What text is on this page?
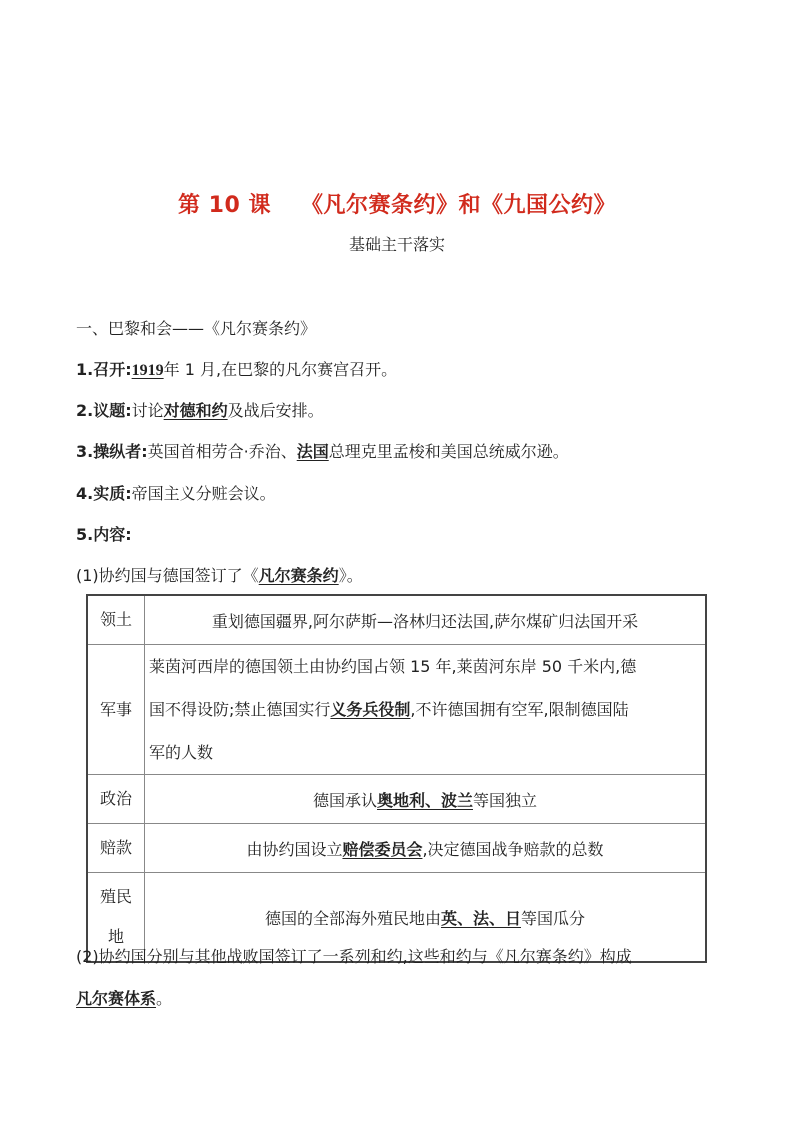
第 10 课 《凡尔赛条约》和《九国公约》
基础主干落实
一、巴黎和会——《凡尔赛条约》
1.召开:1919年 1 月,在巴黎的凡尔赛宫召开。
2.议题:讨论对德和约及战后安排。
3.操纵者:英国首相劳合·乔治、法国总理克里孟梭和美国总统威尔逊。
4.实质:帝国主义分赃会议。
5.内容:
(1)协约国与德国签订了《凡尔赛条约》。
领土	重划德国疆界,阿尔萨斯—洛林归还法国,萨尔煤矿归法国开采
军事	莱茵河西岸的德国领土由协约国占领 15 年,莱茵河东岸 50 千米内,德
国不得设防;禁止德国实行义务兵役制,不许德国拥有空军,限制德国陆
军的人数

政治	德国承认奥地利、波兰等国独立
赔款	由协约国设立赔偿委员会,决定德国战争赔款的总数

殖民
地	德国的全部海外殖民地由英、法、日等国瓜分
(2)协约国分别与其他战败国签订了一系列和约,这些和约与《凡尔赛条约》构成
凡尔赛体系。
